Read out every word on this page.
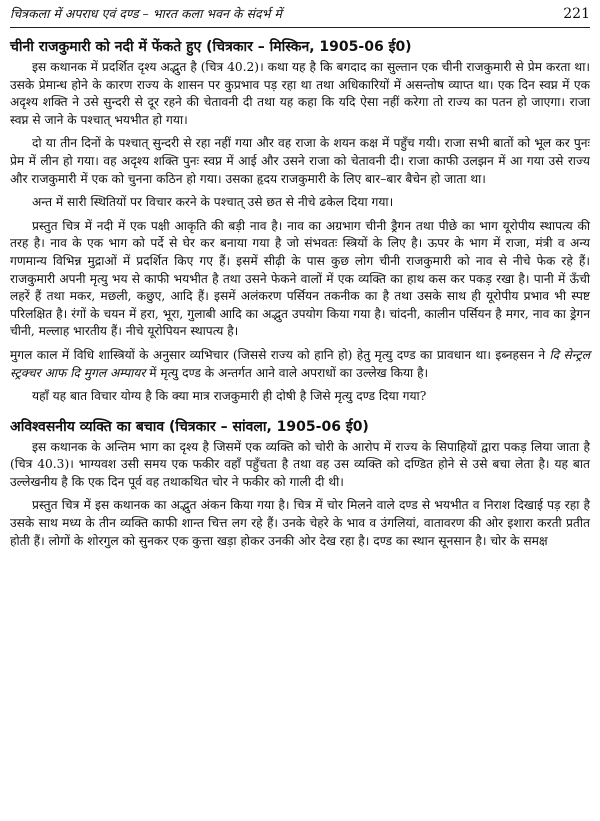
चित्रकला में अपराध एवं दण्ड – भारत कला भवन के संदर्भ में	221
चीनी राजकुमारी को नदी में फेंकते हुए (चित्रकार – मिस्किन, 1905-06 ई0)

इस कथानक में प्रदर्शित दृश्य अद्भुत है (चित्र 40.2)। कथा यह है कि बगदाद का सुल्तान एक चीनी राजकुमारी से प्रेम करता था। उसके प्रेमान्ध होने के कारण राज्य के शासन पर कुप्रभाव पड़ रहा था तथा अधिकारियों में असन्तोष व्याप्त था। एक दिन स्वप्न में एक अदृश्य शक्ति ने उसे सुन्दरी से दूर रहने की चेतावनी दी तथा यह कहा कि यदि ऐसा नहीं करेगा तो राज्य का पतन हो जाएगा। राजा स्वप्न से जाने के पश्चात् भयभीत हो गया।

दो या तीन दिनों के पश्चात् सुन्दरी से रहा नहीं गया और वह राजा के शयन कक्ष में पहुँच गयी। राजा सभी बातों को भूल कर पुनः प्रेम में लीन हो गया। वह अदृश्य शक्ति पुनः स्वप्न में आई और उसने राजा को चेतावनी दी। राजा काफी उलझन में आ गया उसे राज्य और राजकुमारी में एक को चुनना कठिन हो गया। उसका हृदय राजकुमारी के लिए बार–बार बैचेन हो जाता था।

अन्त में सारी स्थितियों पर विचार करने के पश्चात् उसे छत से नीचे ढकेल दिया गया।

प्रस्तुत चित्र में नदी में एक पक्षी आकृति की बड़ी नाव है। नाव का अग्रभाग चीनी ड्रैगन तथा पीछे का भाग यूरोपीय स्थापत्य की तरह है। नाव के एक भाग को पर्दे से घेर कर बनाया गया है जो संभवतः स्त्रियों के लिए है। ऊपर के भाग में राजा, मंत्री व अन्य गणमान्य विभिन्न मुद्राओं में प्रदर्शित किए गए हैं। इसमें सीढ़ी के पास कुछ लोग चीनी राजकुमारी को नाव से नीचे फेक रहे हैं। राजकुमारी अपनी मृत्यु भय से काफी भयभीत है तथा उसने फेकने वालों में एक व्यक्ति का हाथ कस कर पकड़ रखा है। पानी में ऊँची लहरें हैं तथा मकर, मछली, कछुए, आदि हैं। इसमें अलंकरण पर्सियन तकनीक का है तथा उसके साथ ही यूरोपीय प्रभाव भी स्पष्ट परिलक्षित है। रंगों के चयन में हरा, भूरा, गुलाबी आदि का अद्भुत उपयोग किया गया है। चांदनी, कालीन पर्सियन है मगर, नाव का ड्रेगन चीनी, मल्लाह भारतीय हैं। नीचे यूरोपियन स्थापत्य है।

मुगल काल में विधि शास्त्रियों के अनुसार व्यभिचार (जिससे राज्य को हानि हो) हेतु मृत्यु दण्ड का प्रावधान था। इब्नहसन ने दि सेन्ट्रल स्ट्रक्चर आफ दि मुगल अम्पायर में मृत्यु दण्ड के अन्तर्गत आने वाले अपराधों का उल्लेख किया है।

यहाँ यह बात विचार योग्य है कि क्या मात्र राजकुमारी ही दोषी है जिसे मृत्यु दण्ड दिया गया?

अविश्वसनीय व्यक्ति का बचाव (चित्रकार – सांवला, 1905-06 ई0)

इस कथानक के अन्तिम भाग का दृश्य है जिसमें एक व्यक्ति को चोरी के आरोप में राज्य के सिपाहियों द्वारा पकड़ लिया जाता है (चित्र 40.3)। भाग्यवश उसी समय एक फकीर वहाँ पहुँचता है तथा वह उस व्यक्ति को दण्डित होने से उसे बचा लेता है। यह बात उल्लेखनीय है कि एक दिन पूर्व वह तथाकथित चोर ने फकीर को गाली दी थी।

प्रस्तुत चित्र में इस कथानक का अद्भुत अंकन किया गया है। चित्र में चोर मिलने वाले दण्ड से भयभीत व निराश दिखाई पड़ रहा है उसके साथ मध्य के तीन व्यक्ति काफी शान्त चित्त लग रहे हैं। उनके चेहरे के भाव व उंगलियां, वातावरण की ओर इशारा करती प्रतीत होती हैं। लोगों के शोरगुल को सुनकर एक कुत्ता खड़ा होकर उनकी ओर देख रहा है। दण्ड का स्थान सूनसान है। चोर के समक्ष
